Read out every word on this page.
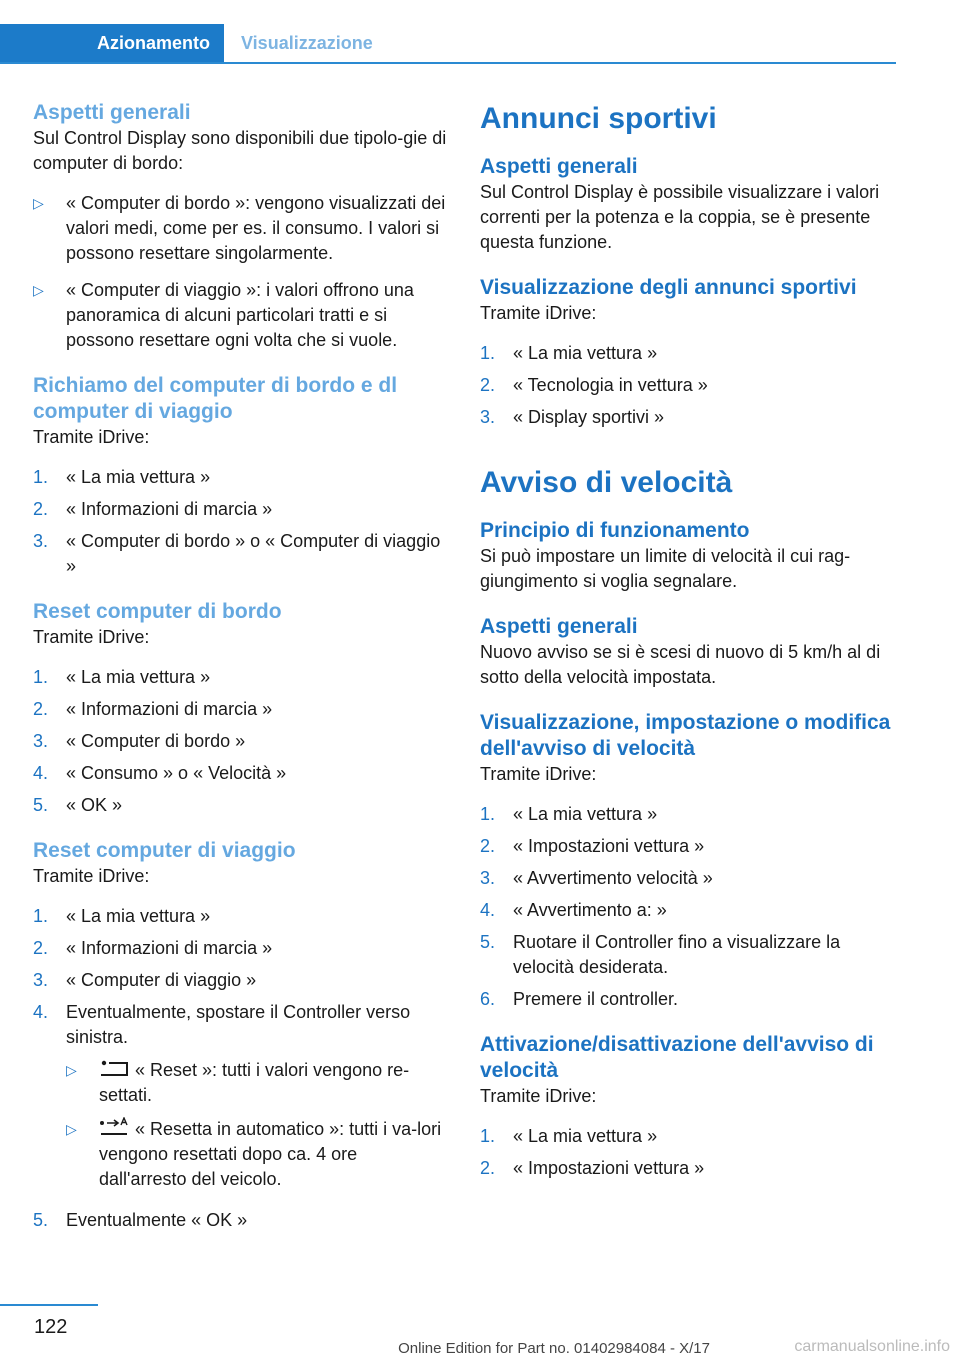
Azionamento	Visualizzazione
Aspetti generali

Sul Control Display sono disponibili due tipolo-gie di computer di bordo:

▷	« Computer di bordo »: vengono visualizzati dei valori medi, come per es. il consumo. I valori si possono resettare singolarmente.
▷	« Computer di viaggio »: i valori offrono una panoramica di alcuni particolari tratti e si possono resettare ogni volta che si vuole.
Richiamo del computer di bordo e dl computer di viaggio

Tramite iDrive:

1. « La mia vettura »
2. « Informazioni di marcia »
3. « Computer di bordo » o « Computer di viaggio »
Reset computer di bordo

Tramite iDrive:

1. « La mia vettura »
2. « Informazioni di marcia »
3. « Computer di bordo »
4. « Consumo » o « Velocità »
5. « OK »
Reset computer di viaggio

Tramite iDrive:

1. « La mia vettura »
2. « Informazioni di marcia »
3. « Computer di viaggio »
4. Eventualmente, spostare il Controller verso sinistra.
▷	« Reset »: tutti i valori vengono re-settati.
▷	« Resetta in automatico »: tutti i va-lori vengono resettati dopo ca. 4 ore dall'arresto del veicolo.
5. Eventualmente « OK »
Annunci sportivi
Aspetti generali

Sul Control Display è possibile visualizzare i valori correnti per la potenza e la coppia, se è presente questa funzione.

Visualizzazione degli annunci sportivi

Tramite iDrive:

1. « La mia vettura »
2. « Tecnologia in vettura »
3. « Display sportivi »
Avviso di velocità
Principio di funzionamento

Si può impostare un limite di velocità il cui rag-giungimento si voglia segnalare.

Aspetti generali

Nuovo avviso se si è scesi di nuovo di 5 km/h al di sotto della velocità impostata.

Visualizzazione, impostazione o modifica dell'avviso di velocità

Tramite iDrive:

1. « La mia vettura »
2. « Impostazioni vettura »
3. « Avvertimento velocità »
4. « Avvertimento a: »
5. Ruotare il Controller fino a visualizzare la velocità desiderata.
6. Premere il controller.
Attivazione/disattivazione dell'avviso di velocità

Tramite iDrive:

1. « La mia vettura »
2. « Impostazioni vettura »
122
Online Edition for Part no. 01402984084 - X/17	carmanualsonline.info
